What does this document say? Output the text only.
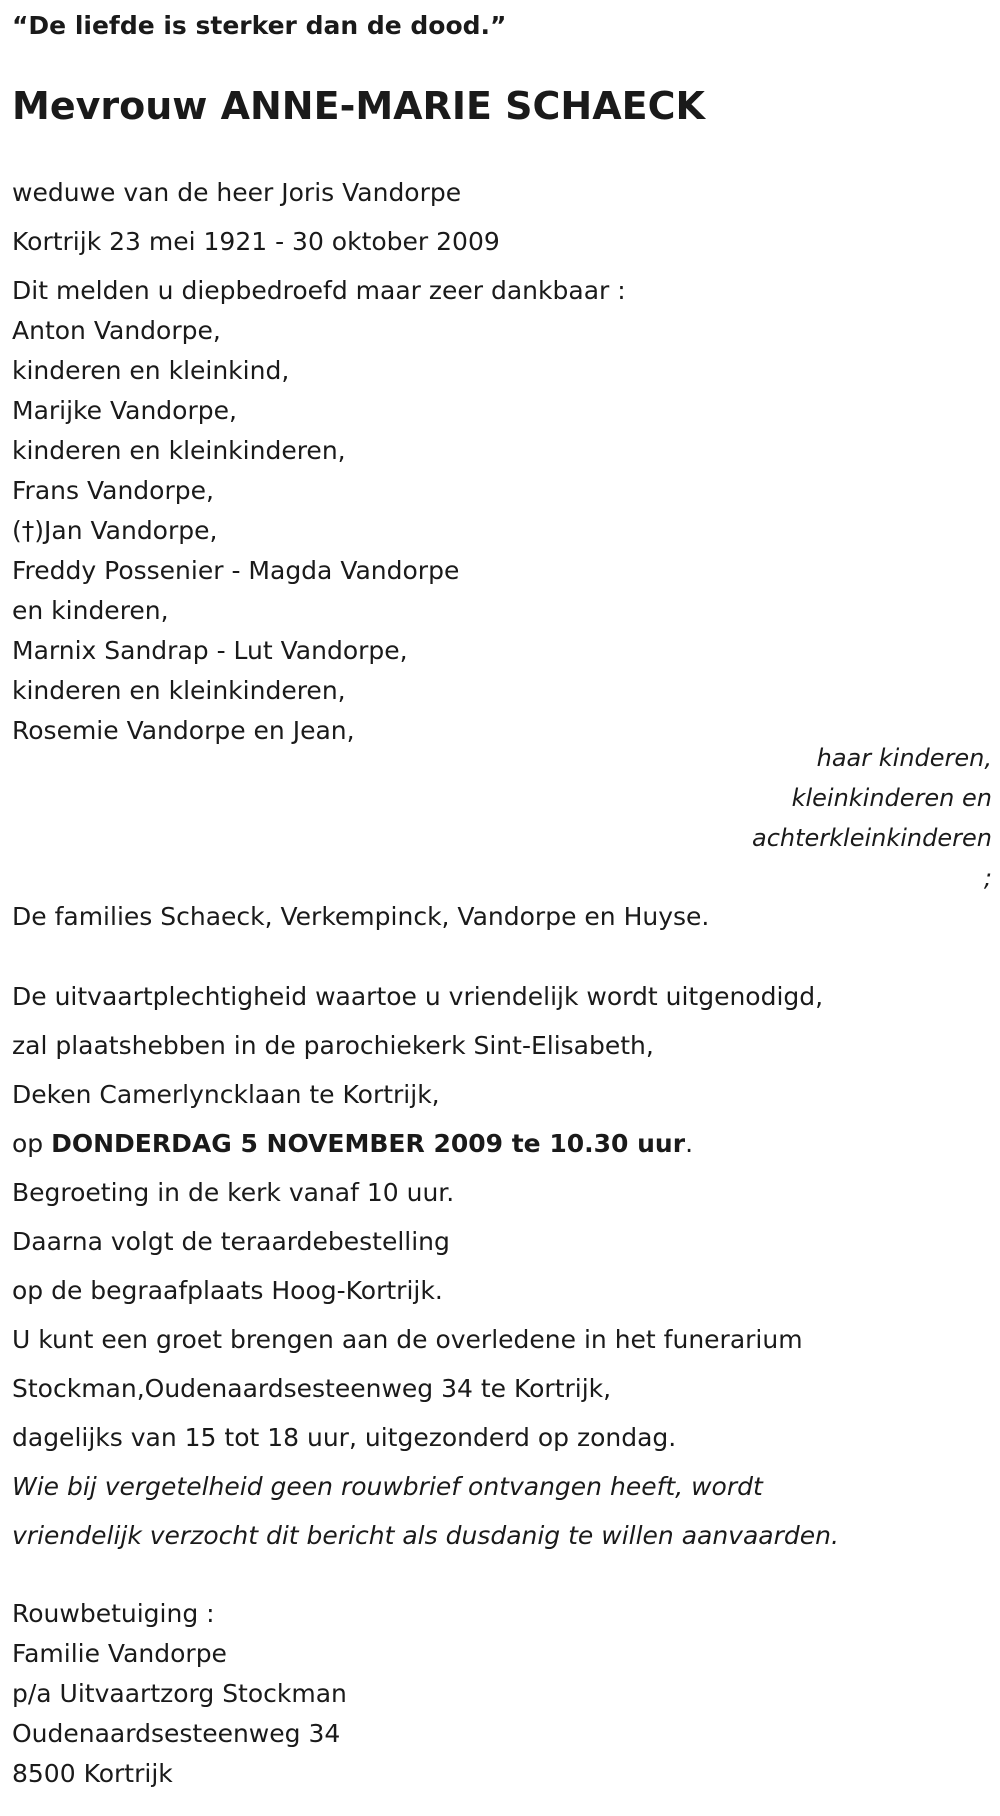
“De liefde is sterker dan de dood.”
Mevrouw ANNE-MARIE SCHAECK
weduwe van de heer Joris Vandorpe
Kortrijk 23 mei 1921 - 30 oktober 2009
Dit melden u diepbedroefd maar zeer dankbaar :
Anton Vandorpe,
kinderen en kleinkind,
Marijke Vandorpe,
kinderen en kleinkinderen,
Frans Vandorpe,
(†)Jan Vandorpe,
Freddy Possenier - Magda Vandorpe
en kinderen,
Marnix Sandrap - Lut Vandorpe,
kinderen en kleinkinderen,
Rosemie Vandorpe en Jean,
haar kinderen,
kleinkinderen en
achterkleinkinderen
;
De families Schaeck, Verkempinck, Vandorpe en Huyse.
De uitvaartplechtigheid waartoe u vriendelijk wordt uitgenodigd,
zal plaatshebben in de parochiekerk Sint-Elisabeth,
Deken Camerlyncklaan te Kortrijk,
op DONDERDAG 5 NOVEMBER 2009 te 10.30 uur.
Begroeting in de kerk vanaf 10 uur.
Daarna volgt de teraardebestelling
op de begraafplaats Hoog-Kortrijk.
U kunt een groet brengen aan de overledene in het funerarium
Stockman,Oudenaardsesteenweg 34 te Kortrijk,
dagelijks van 15 tot 18 uur, uitgezonderd op zondag.
Wie bij vergetelheid geen rouwbrief ontvangen heeft, wordt
vriendelijk verzocht dit bericht als dusdanig te willen aanvaarden.
Rouwbetuiging :
Familie Vandorpe
p/a Uitvaartzorg Stockman
Oudenaardsesteenweg 34
8500 Kortrijk
